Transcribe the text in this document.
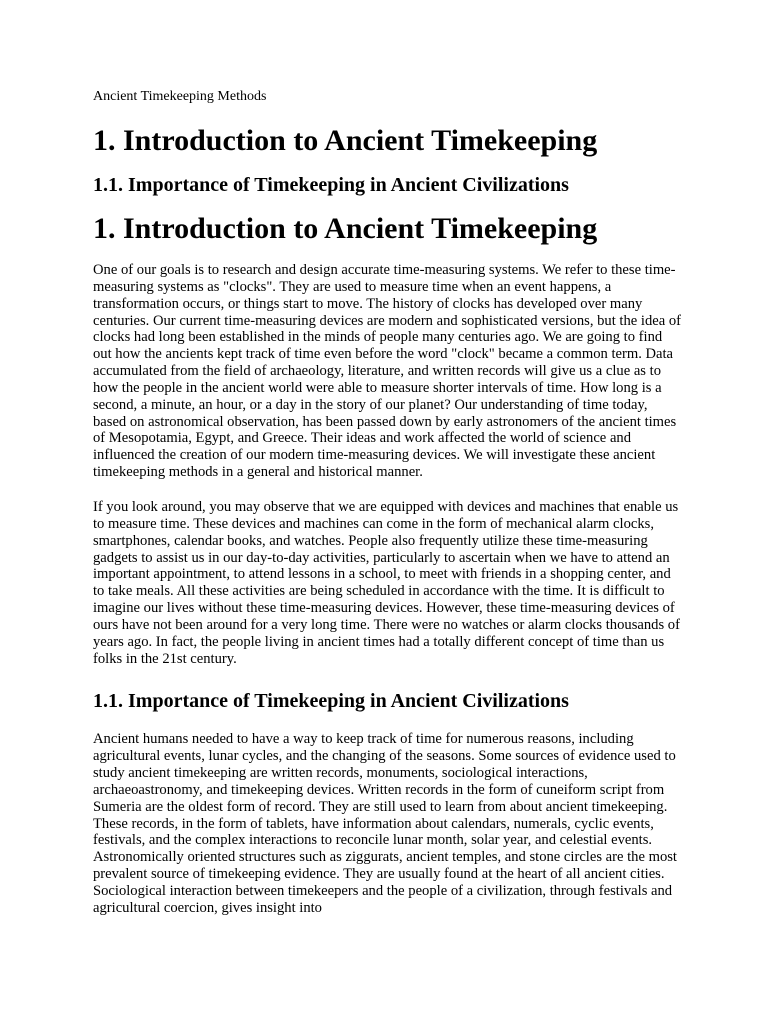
Ancient Timekeeping Methods
1. Introduction to Ancient Timekeeping
1.1. Importance of Timekeeping in Ancient Civilizations
1. Introduction to Ancient Timekeeping

One of our goals is to research and design accurate time-measuring systems. We refer to these time-measuring systems as "clocks". They are used to measure time when an event happens, a transformation occurs, or things start to move. The history of clocks has developed over many centuries. Our current time-measuring devices are modern and sophisticated versions, but the idea of clocks had long been established in the minds of people many centuries ago. We are going to find out how the ancients kept track of time even before the word "clock" became a common term. Data accumulated from the field of archaeology, literature, and written records will give us a clue as to how the people in the ancient world were able to measure shorter intervals of time. How long is a second, a minute, an hour, or a day in the story of our planet? Our understanding of time today, based on astronomical observation, has been passed down by early astronomers of the ancient times of Mesopotamia, Egypt, and Greece. Their ideas and work affected the world of science and influenced the creation of our modern time-measuring devices. We will investigate these ancient timekeeping methods in a general and historical manner.

If you look around, you may observe that we are equipped with devices and machines that enable us to measure time. These devices and machines can come in the form of mechanical alarm clocks, smartphones, calendar books, and watches. People also frequently utilize these time-measuring gadgets to assist us in our day-to-day activities, particularly to ascertain when we have to attend an important appointment, to attend lessons in a school, to meet with friends in a shopping center, and to take meals. All these activities are being scheduled in accordance with the time. It is difficult to imagine our lives without these time-measuring devices. However, these time-measuring devices of ours have not been around for a very long time. There were no watches or alarm clocks thousands of years ago. In fact, the people living in ancient times had a totally different concept of time than us folks in the 21st century.

1.1. Importance of Timekeeping in Ancient Civilizations

Ancient humans needed to have a way to keep track of time for numerous reasons, including agricultural events, lunar cycles, and the changing of the seasons. Some sources of evidence used to study ancient timekeeping are written records, monuments, sociological interactions, archaeoastronomy, and timekeeping devices. Written records in the form of cuneiform script from Sumeria are the oldest form of record. They are still used to learn from about ancient timekeeping. These records, in the form of tablets, have information about calendars, numerals, cyclic events, festivals, and the complex interactions to reconcile lunar month, solar year, and celestial events. Astronomically oriented structures such as ziggurats, ancient temples, and stone circles are the most prevalent source of timekeeping evidence. They are usually found at the heart of all ancient cities. Sociological interaction between timekeepers and the people of a civilization, through festivals and agricultural coercion, gives insight into
